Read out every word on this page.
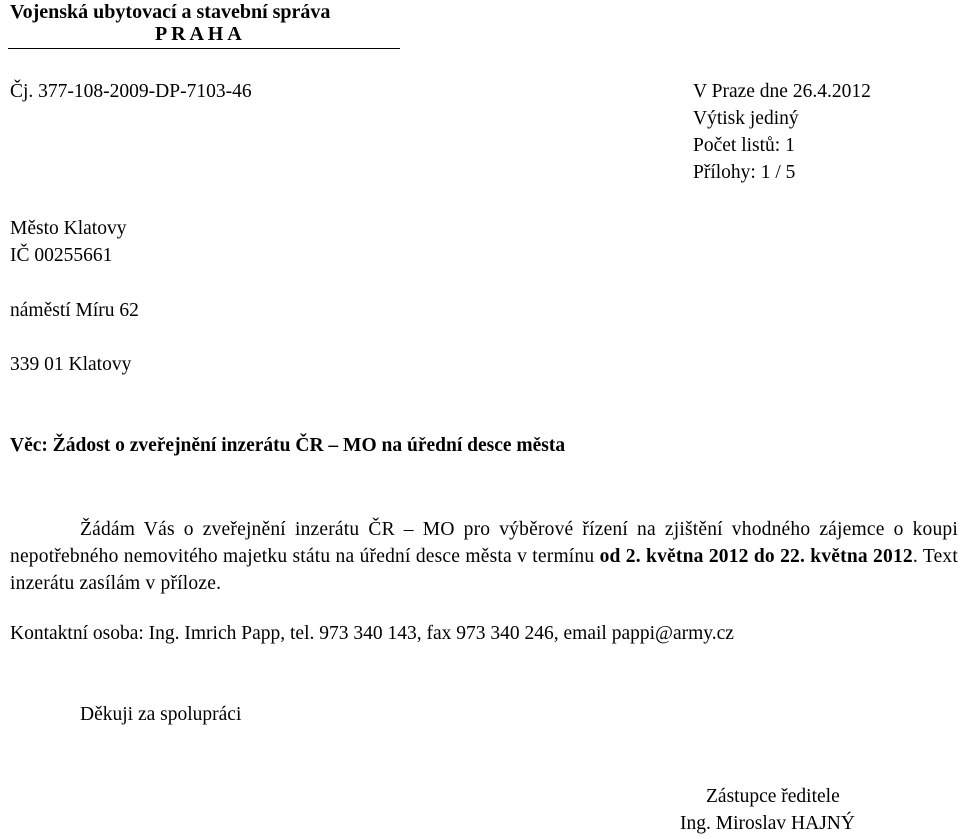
Vojenská ubytovací a stavební správa
P R A H A
Čj. 377-108-2009-DP-7103-46	V Praze dne 26.4.2012
Výtisk jediný
Počet listů: 1
Přílohy: 1 / 5
Město Klatovy
IČ 00255661
náměstí Míru 62
339 01 Klatovy
Věc: Žádost o zveřejnění inzerátu ČR – MO na úřední desce města

Žádám Vás o zveřejnění inzerátu ČR – MO pro výběrové řízení na zjištění vhodného zájemce o koupi nepotřebného nemovitého majetku státu na úřední desce města v termínu od 2. května 2012 do 22. května 2012. Text inzerátu zasílám v příloze.

Kontaktní osoba: Ing. Imrich Papp, tel. 973 340 143, fax 973 340 246, email pappi@army.cz
Děkuji za spolupráci
Zástupce ředitele
Ing. Miroslav HAJNÝ
